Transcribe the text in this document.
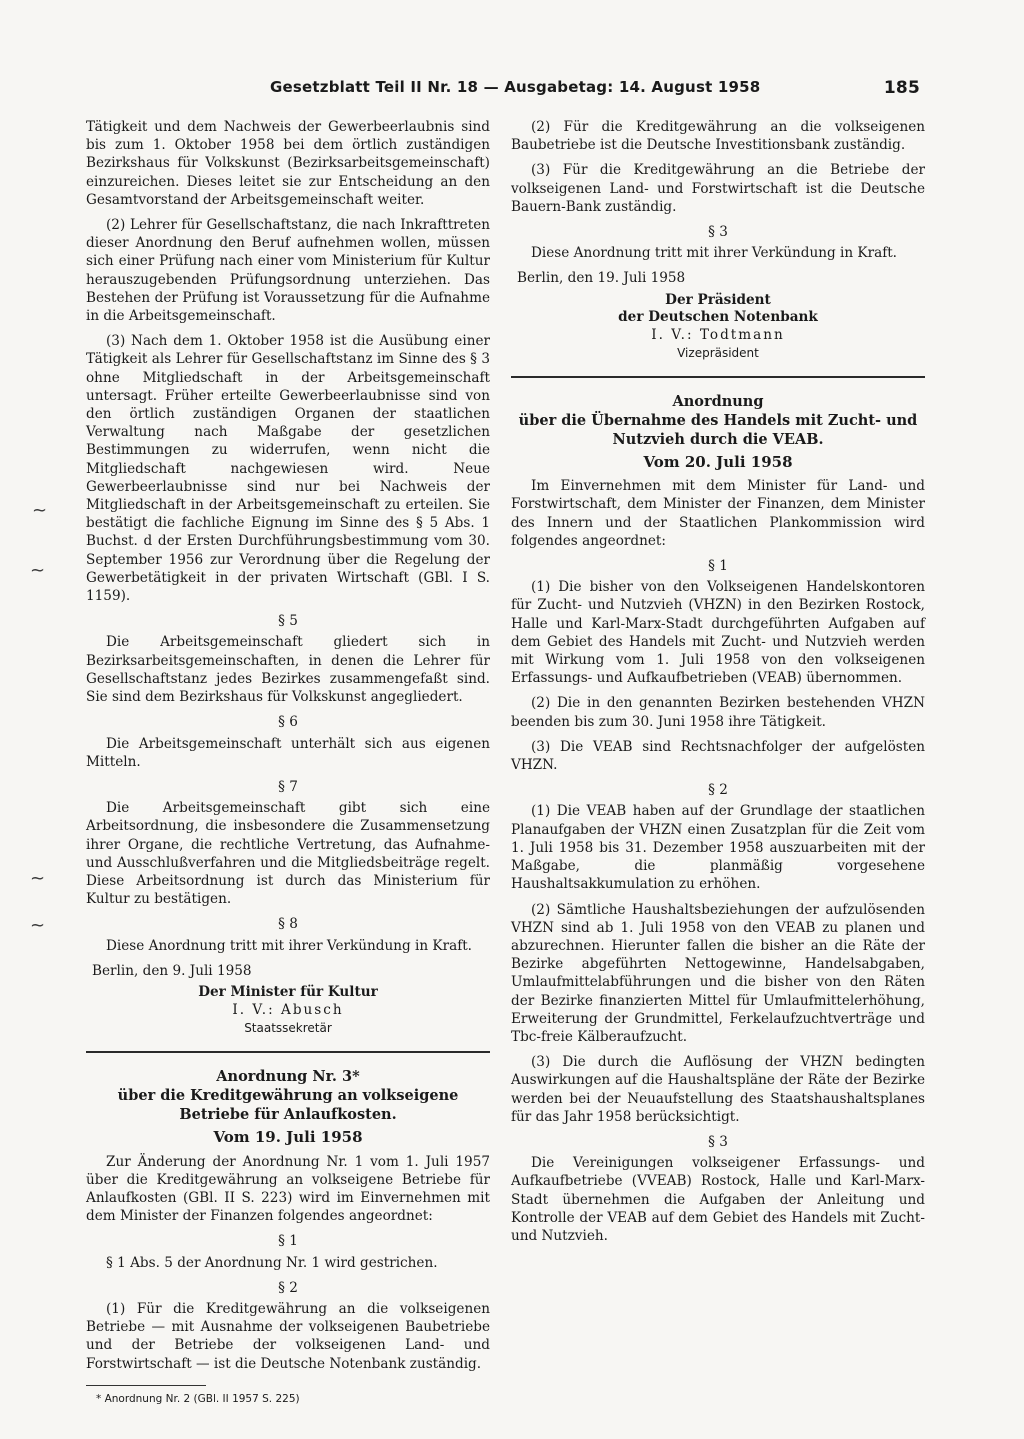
Gesetzblatt Teil II Nr. 18 — Ausgabetag: 14. August 1958	185
~
~
~
~

Tätigkeit und dem Nachweis der Gewerbeerlaubnis sind bis zum 1. Oktober 1958 bei dem örtlich zuständigen Bezirkshaus für Volkskunst (Bezirksarbeitsgemeinschaft) einzureichen. Dieses leitet sie zur Entscheidung an den Gesamtvorstand der Arbeitsgemeinschaft weiter.

(2) Lehrer für Gesellschaftstanz, die nach Inkrafttreten dieser Anordnung den Beruf aufnehmen wollen, müssen sich einer Prüfung nach einer vom Ministerium für Kultur herauszugebenden Prüfungsordnung unterziehen. Das Bestehen der Prüfung ist Voraussetzung für die Aufnahme in die Arbeitsgemeinschaft.

(3) Nach dem 1. Oktober 1958 ist die Ausübung einer Tätigkeit als Lehrer für Gesellschaftstanz im Sinne des § 3 ohne Mitgliedschaft in der Arbeitsgemeinschaft untersagt. Früher erteilte Gewerbeerlaubnisse sind von den örtlich zuständigen Organen der staatlichen Verwaltung nach Maßgabe der gesetzlichen Bestimmungen zu widerrufen, wenn nicht die Mitgliedschaft nachgewiesen wird. Neue Gewerbeerlaubnisse sind nur bei Nachweis der Mitgliedschaft in der Arbeitsgemeinschaft zu erteilen. Sie bestätigt die fachliche Eignung im Sinne des § 5 Abs. 1 Buchst. d der Ersten Durchführungsbestimmung vom 30. September 1956 zur Verordnung über die Regelung der Gewerbetätigkeit in der privaten Wirtschaft (GBl. I S. 1159).

§ 5

Die Arbeitsgemeinschaft gliedert sich in Bezirksarbeitsgemeinschaften, in denen die Lehrer für Gesellschaftstanz jedes Bezirkes zusammengefaßt sind. Sie sind dem Bezirkshaus für Volkskunst angegliedert.

§ 6

Die Arbeitsgemeinschaft unterhält sich aus eigenen Mitteln.

§ 7

Die Arbeitsgemeinschaft gibt sich eine Arbeitsordnung, die insbesondere die Zusammensetzung ihrer Organe, die rechtliche Vertretung, das Aufnahme- und Ausschlußverfahren und die Mitgliedsbeiträge regelt. Diese Arbeitsordnung ist durch das Ministerium für Kultur zu bestätigen.

§ 8

Diese Anordnung tritt mit ihrer Verkündung in Kraft.

Berlin, den 9. Juli 1958
Der Minister für Kultur
I. V.: Abusch
Staatssekretär
Anordnung Nr. 3*
über die Kreditgewährung an volkseigene Betriebe für Anlaufkosten.
Vom 19. Juli 1958

Zur Änderung der Anordnung Nr. 1 vom 1. Juli 1957 über die Kreditgewährung an volkseigene Betriebe für Anlaufkosten (GBl. II S. 223) wird im Einvernehmen mit dem Minister der Finanzen folgendes angeordnet:

§ 1

§ 1 Abs. 5 der Anordnung Nr. 1 wird gestrichen.

§ 2

(1) Für die Kreditgewährung an die volkseigenen Betriebe — mit Ausnahme der volkseigenen Baubetriebe und der Betriebe der volkseigenen Land- und Forstwirtschaft — ist die Deutsche Notenbank zuständig.

* Anordnung Nr. 2 (GBl. II 1957 S. 225)

(2) Für die Kreditgewährung an die volkseigenen Baubetriebe ist die Deutsche Investitionsbank zuständig.

(3) Für die Kreditgewährung an die Betriebe der volkseigenen Land- und Forstwirtschaft ist die Deutsche Bauern-Bank zuständig.

§ 3

Diese Anordnung tritt mit ihrer Verkündung in Kraft.

Berlin, den 19. Juli 1958
Der Präsident
der Deutschen Notenbank
I. V.: Todtmann
Vizepräsident
Anordnung
über die Übernahme des Handels mit Zucht- und Nutzvieh durch die VEAB.
Vom 20. Juli 1958

Im Einvernehmen mit dem Minister für Land- und Forstwirtschaft, dem Minister der Finanzen, dem Minister des Innern und der Staatlichen Plankommission wird folgendes angeordnet:

§ 1

(1) Die bisher von den Volkseigenen Handelskontoren für Zucht- und Nutzvieh (VHZN) in den Bezirken Rostock, Halle und Karl-Marx-Stadt durchgeführten Aufgaben auf dem Gebiet des Handels mit Zucht- und Nutzvieh werden mit Wirkung vom 1. Juli 1958 von den volkseigenen Erfassungs- und Aufkaufbetrieben (VEAB) übernommen.

(2) Die in den genannten Bezirken bestehenden VHZN beenden bis zum 30. Juni 1958 ihre Tätigkeit.

(3) Die VEAB sind Rechtsnachfolger der aufgelösten VHZN.

§ 2

(1) Die VEAB haben auf der Grundlage der staatlichen Planaufgaben der VHZN einen Zusatzplan für die Zeit vom 1. Juli 1958 bis 31. Dezember 1958 auszuarbeiten mit der Maßgabe, die planmäßig vorgesehene Haushaltsakkumulation zu erhöhen.

(2) Sämtliche Haushaltsbeziehungen der aufzulösenden VHZN sind ab 1. Juli 1958 von den VEAB zu planen und abzurechnen. Hierunter fallen die bisher an die Räte der Bezirke abgeführten Nettogewinne, Handelsabgaben, Umlaufmittelabführungen und die bisher von den Räten der Bezirke finanzierten Mittel für Umlaufmittelerhöhung, Erweiterung der Grundmittel, Ferkelaufzuchtverträge und Tbc-freie Kälberaufzucht.

(3) Die durch die Auflösung der VHZN bedingten Auswirkungen auf die Haushaltspläne der Räte der Bezirke werden bei der Neuaufstellung des Staatshaushaltsplanes für das Jahr 1958 berücksichtigt.

§ 3

Die Vereinigungen volkseigener Erfassungs- und Aufkaufbetriebe (VVEAB) Rostock, Halle und Karl-Marx-Stadt übernehmen die Aufgaben der Anleitung und Kontrolle der VEAB auf dem Gebiet des Handels mit Zucht- und Nutzvieh.
